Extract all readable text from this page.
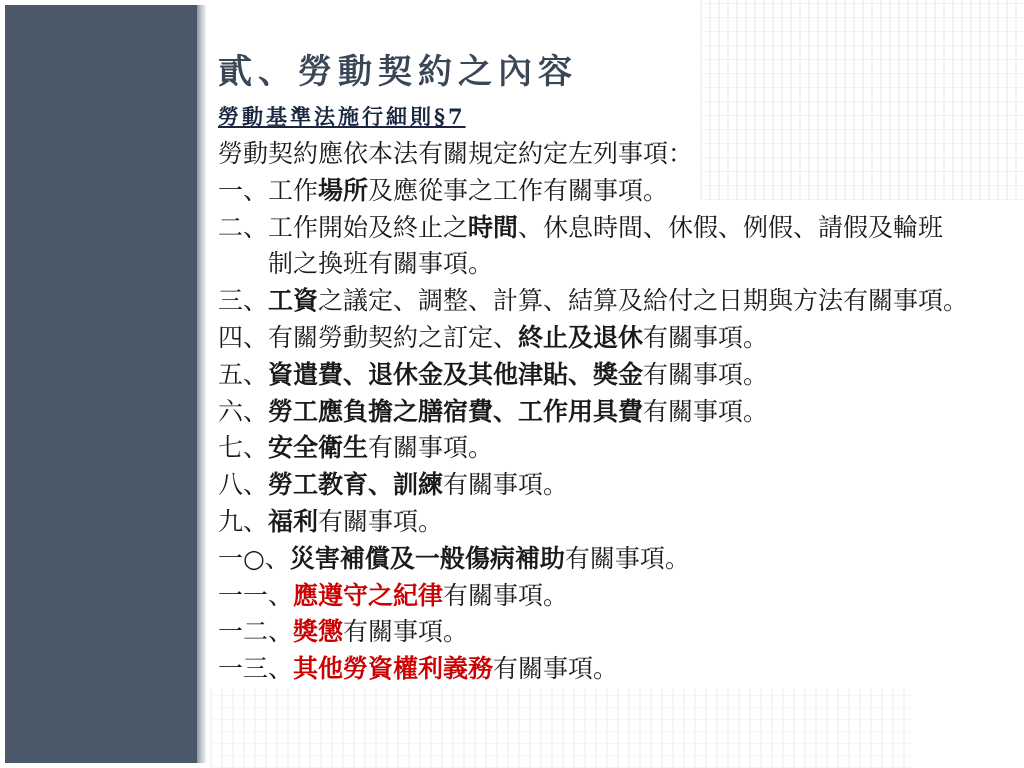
貳、勞動契約之內容
勞動基準法施行細則§7
勞動契約應依本法有關規定約定左列事項：
一、 工作場所及應從事之工作有關事項。
二、 工作開始及終止之時間、休息時間、休假、例假、請假及輪班
制之換班有關事項。
三、 工資之議定、調整、計算、結算及給付之日期與方法有關事項。
四、 有關勞動契約之訂定、終止及退休有關事項。
五、 資遣費、退休金及其他津貼、獎金有關事項。
六、 勞工應負擔之膳宿費、工作用具費有關事項。
七、 安全衛生有關事項。
八、 勞工教育、訓練有關事項。
九、 福利有關事項。
一○、 災害補償及一般傷病補助有關事項。
一一、 應遵守之紀律有關事項。
一二、 獎懲有關事項。
一三、 其他勞資權利義務有關事項。
